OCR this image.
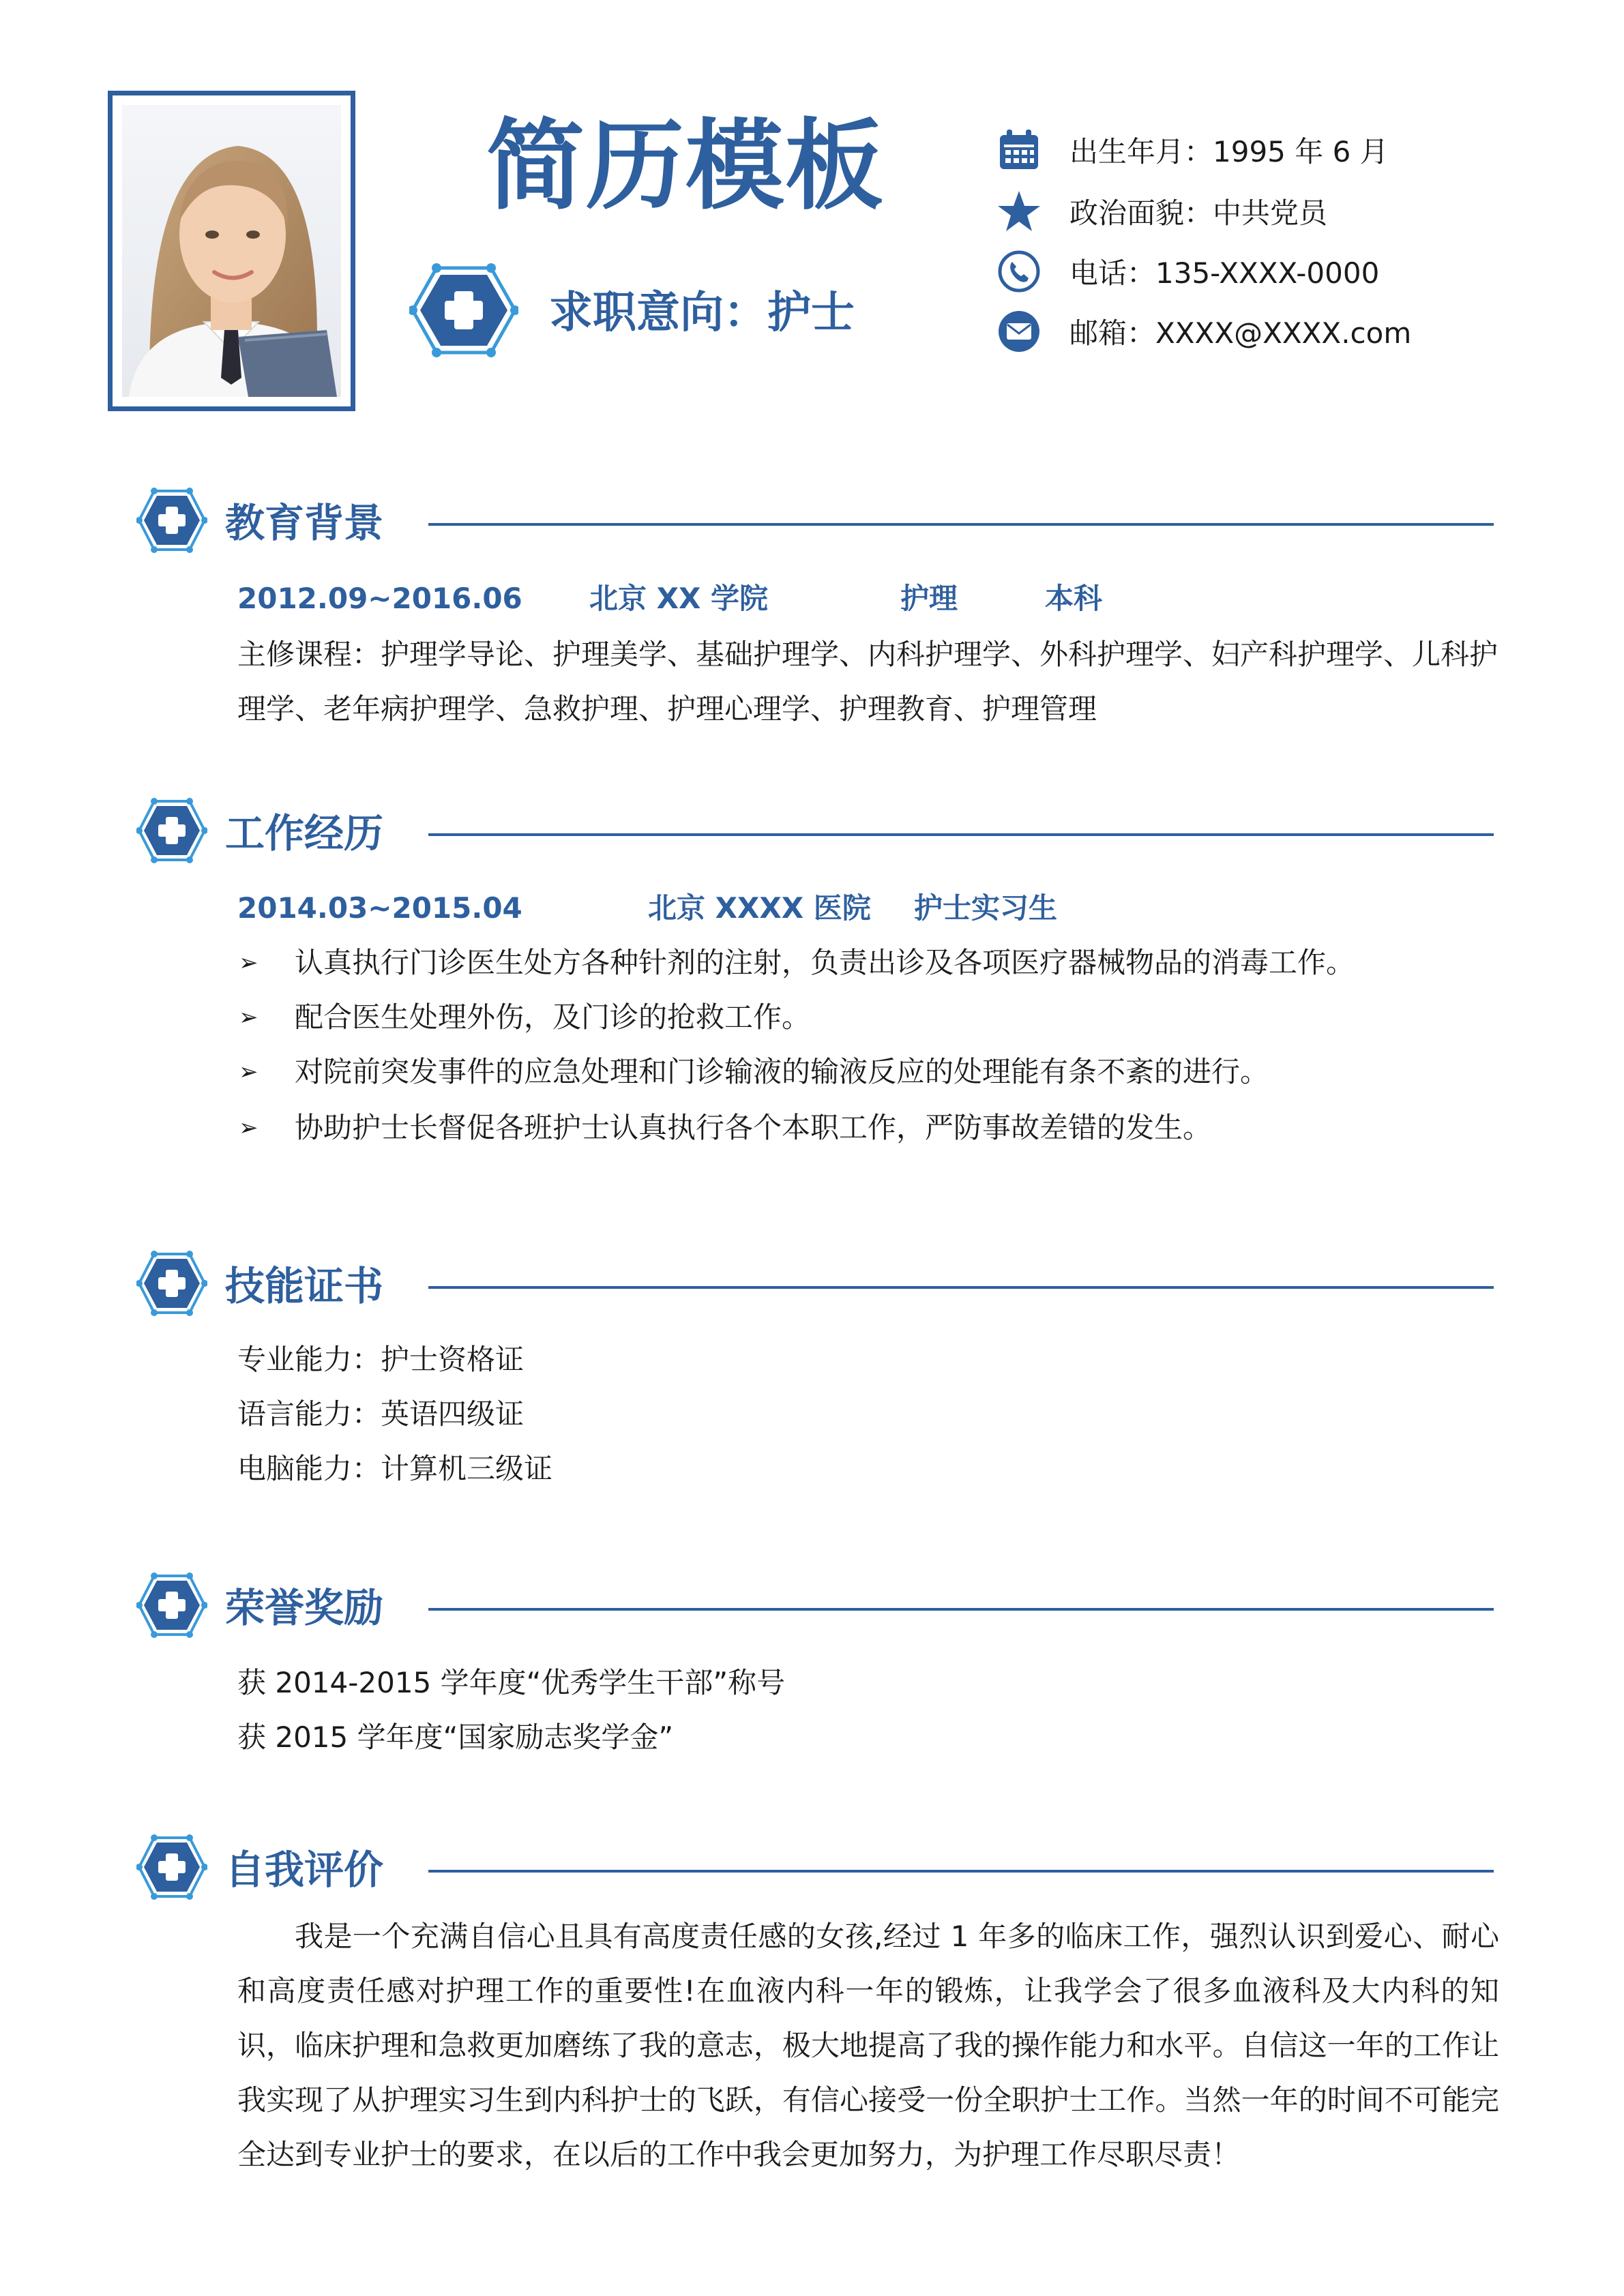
简历模板
求职意向：护士
出生年月：1995 年 6 月
政治面貌：中共党员
电话：135-XXXX-0000
邮箱：XXXX@XXXX.com
教育背景
2012.09~2016.06 北京 XX 学院	护理	本科
主修课程：护理学导论、护理美学、基础护理学、内科护理学、外科护理学、妇产科护理学、儿科护
理学、老年病护理学、急救护理、护理心理学、护理教育、护理管理
工作经历
2014.03~2015.04	北京 XXXX 医院 护士实习生
➢ 认真执行门诊医生处方各种针剂的注射，负责出诊及各项医疗器械物品的消毒工作。
➢ 配合医生处理外伤，及门诊的抢救工作。
➢ 对院前突发事件的应急处理和门诊输液的输液反应的处理能有条不紊的进行。
➢ 协助护士长督促各班护士认真执行各个本职工作，严防事故差错的发生。
技能证书
专业能力：护士资格证
语言能力：英语四级证
电脑能力：计算机三级证
荣誉奖励
获 2014-2015 学年度“优秀学生干部”称号
获 2015 学年度“国家励志奖学金”
自我评价

我是一个充满自信心且具有高度责任感的女孩,经过 1 年多的临床工作，强烈认识到爱心、耐心和高度责任感对护理工作的重要性!在血液内科一年的锻炼，让我学会了很多血液科及大内科的知识，临床护理和急救更加磨练了我的意志，极大地提高了我的操作能力和水平。自信这一年的工作让我实现了从护理实习生到内科护士的飞跃，有信心接受一份全职护士工作。当然一年的时间不可能完全达到专业护士的要求，在以后的工作中我会更加努力，为护理工作尽职尽责！
